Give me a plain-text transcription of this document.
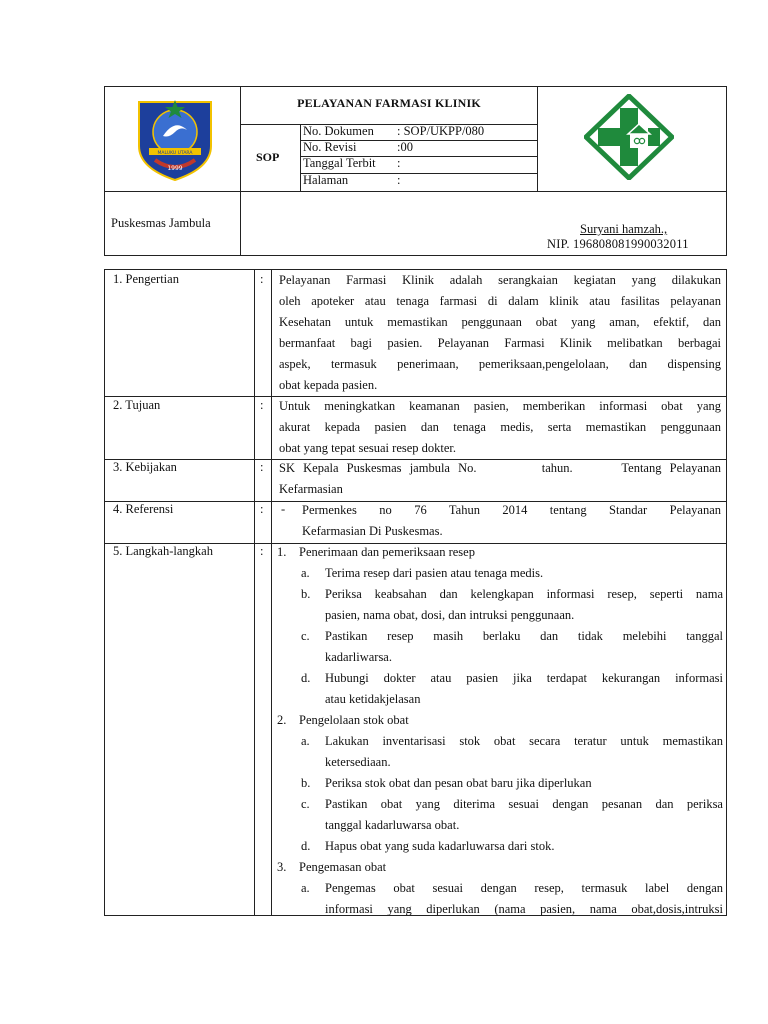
MALUKU UTARA
1999
PELAYANAN FARMASI KLINIK
SOP
No. Dokumen : SOP/UKPP/080
No. Revisi	:00
Tanggal Terbit :
Halaman	:
Puskesmas Jambula	Suryani hamzah.,
NIP. 196808081990032011
1. Pengertian	: Pelayanan Farmasi Klinik adalah serangkaian kegiatan yang dilakukan
oleh apoteker atau tenaga farmasi di dalam klinik atau fasilitas pelayanan
Kesehatan untuk memastikan penggunaan obat yang aman, efektif, dan
bermanfaat bagi pasien. Pelayanan Farmasi Klinik melibatkan berbagai
aspek, termasuk penerimaan, pemeriksaan,pengelolaan, dan dispensing
obat kepada pasien.
2. Tujuan	: Untuk meningkatkan keamanan pasien, memberikan informasi obat yang
akurat kepada pasien dan tenaga medis, serta memastikan penggunaan
obat yang tepat sesuai resep dokter.
3. Kebijakan	: SK Kepala Puskesmas jambula No.        tahun.      Tentang Pelayanan
Kefarmasian
4. Referensi	: - Permenkes no 76 Tahun 2014 tentang Standar Pelayanan
Kefarmasian Di Puskesmas.
5. Langkah-langkah	: 1. Penerimaan dan pemeriksaan resep
a. Terima resep dari pasien atau tenaga medis.
b. Periksa keabsahan dan kelengkapan informasi resep, seperti nama
pasien, nama obat, dosi, dan intruksi penggunaan.
c. Pastikan resep masih berlaku dan tidak melebihi tanggal
kadarliwarsa.
d. Hubungi dokter atau pasien jika terdapat kekurangan informasi
atau ketidakjelasan
2. Pengelolaan stok obat
a. Lakukan inventarisasi stok obat secara teratur untuk memastikan
ketersediaan.
b. Periksa stok obat dan pesan obat baru jika diperlukan
c. Pastikan obat yang diterima sesuai dengan pesanan dan periksa
tanggal kadarluwarsa obat.
d. Hapus obat yang suda kadarluwarsa dari stok.
3. Pengemasan obat
a. Pengemas obat sesuai dengan resep, termasuk label dengan
informasi yang diperlukan (nama pasien, nama obat,dosis,intruksi
